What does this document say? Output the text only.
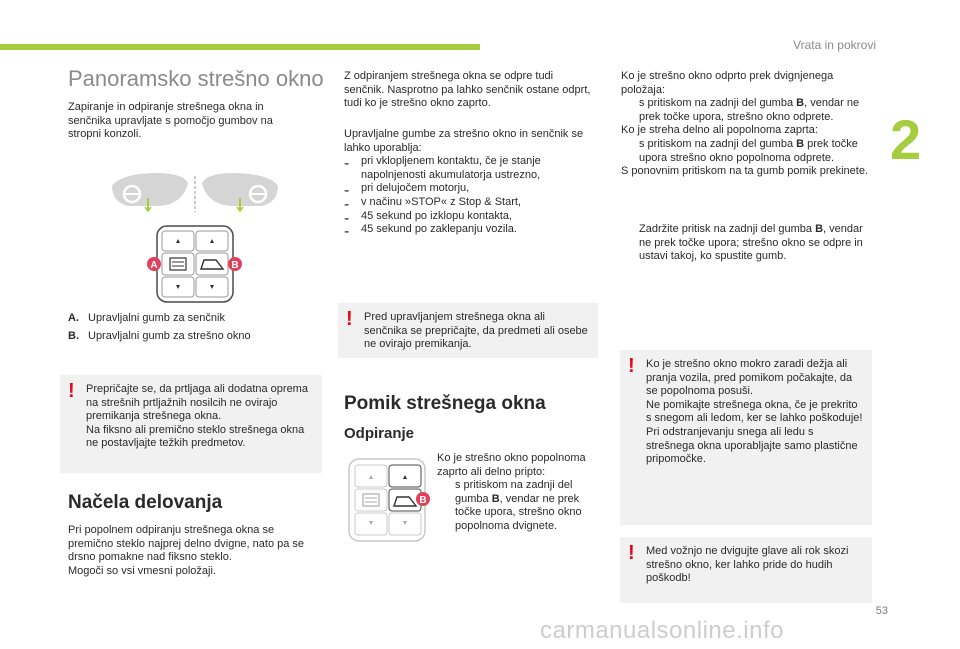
Vrata in pokrovi
2
Panoramsko strešno okno

Zapiranje in odpiranje strešnega okna in senčnika upravljate s pomočjo gumbov na stropni konzoli.

A	B
A. Upravljalni gumb za senčnik
B. Upravljalni gumb za strešno okno
! Prepričajte se, da prtljaga ali dodatna oprema na strešnih prtljažnih nosilcih ne ovirajo premikanja strešnega okna.

Na fiksno ali premično steklo strešnega okna ne postavljajte težkih predmetov.

Načela delovanja

Pri popolnem odpiranju strešnega okna se premično steklo najprej delno dvigne, nato pa se drsno pomakne nad fiksno steklo.

Mogoči so vsi vmesni položaji.

Z odpiranjem strešnega okna se odpre tudi senčnik. Nasprotno pa lahko senčnik ostane odprt, tudi ko je strešno okno zaprto.

Upravljalne gumbe za strešno okno in senčnik se lahko uporablja:

- pri vklopljenem kontaktu, če je stanje napolnjenosti akumulatorja ustrezno,

- pri delujočem motorju,

- v načinu »STOP« z Stop & Start,

- 45 sekund po izklopu kontakta,

- 45 sekund po zaklepanju vozila.

! Pred upravljanjem strešnega okna ali senčnika se prepričajte, da predmeti ali osebe ne ovirajo premikanja.

Pomik strešnega okna
Odpiranje
B

Ko je strešno okno popolnoma zaprto ali delno pripto:

s pritiskom na zadnji del gumba B, vendar ne prek točke upora, strešno okno popolnoma dvignete.

Ko je strešno okno odprto prek dvignjenega položaja:

s pritiskom na zadnji del gumba B, vendar ne prek točke upora, strešno okno odprete.

Ko je streha delno ali popolnoma zaprta:

s pritiskom na zadnji del gumba B prek točke upora strešno okno popolnoma odprete.

S ponovnim pritiskom na ta gumb pomik prekinete.

Zadržite pritisk na zadnji del gumba B, vendar ne prek točke upora; strešno okno se odpre in ustavi takoj, ko spustite gumb.

! Ko je strešno okno mokro zaradi dežja ali pranja vozila, pred pomikom počakajte, da se popolnoma posuši.

Ne pomikajte strešnega okna, če je prekrito s snegom ali ledom, ker se lahko poškoduje!

Pri odstranjevanju snega ali ledu s strešnega okna uporabljajte samo plastične pripomočke.

! Med vožnjo ne dvigujte glave ali rok skozi strešno okno, ker lahko pride do hudih poškodb!

53
carmanualsonline.info
